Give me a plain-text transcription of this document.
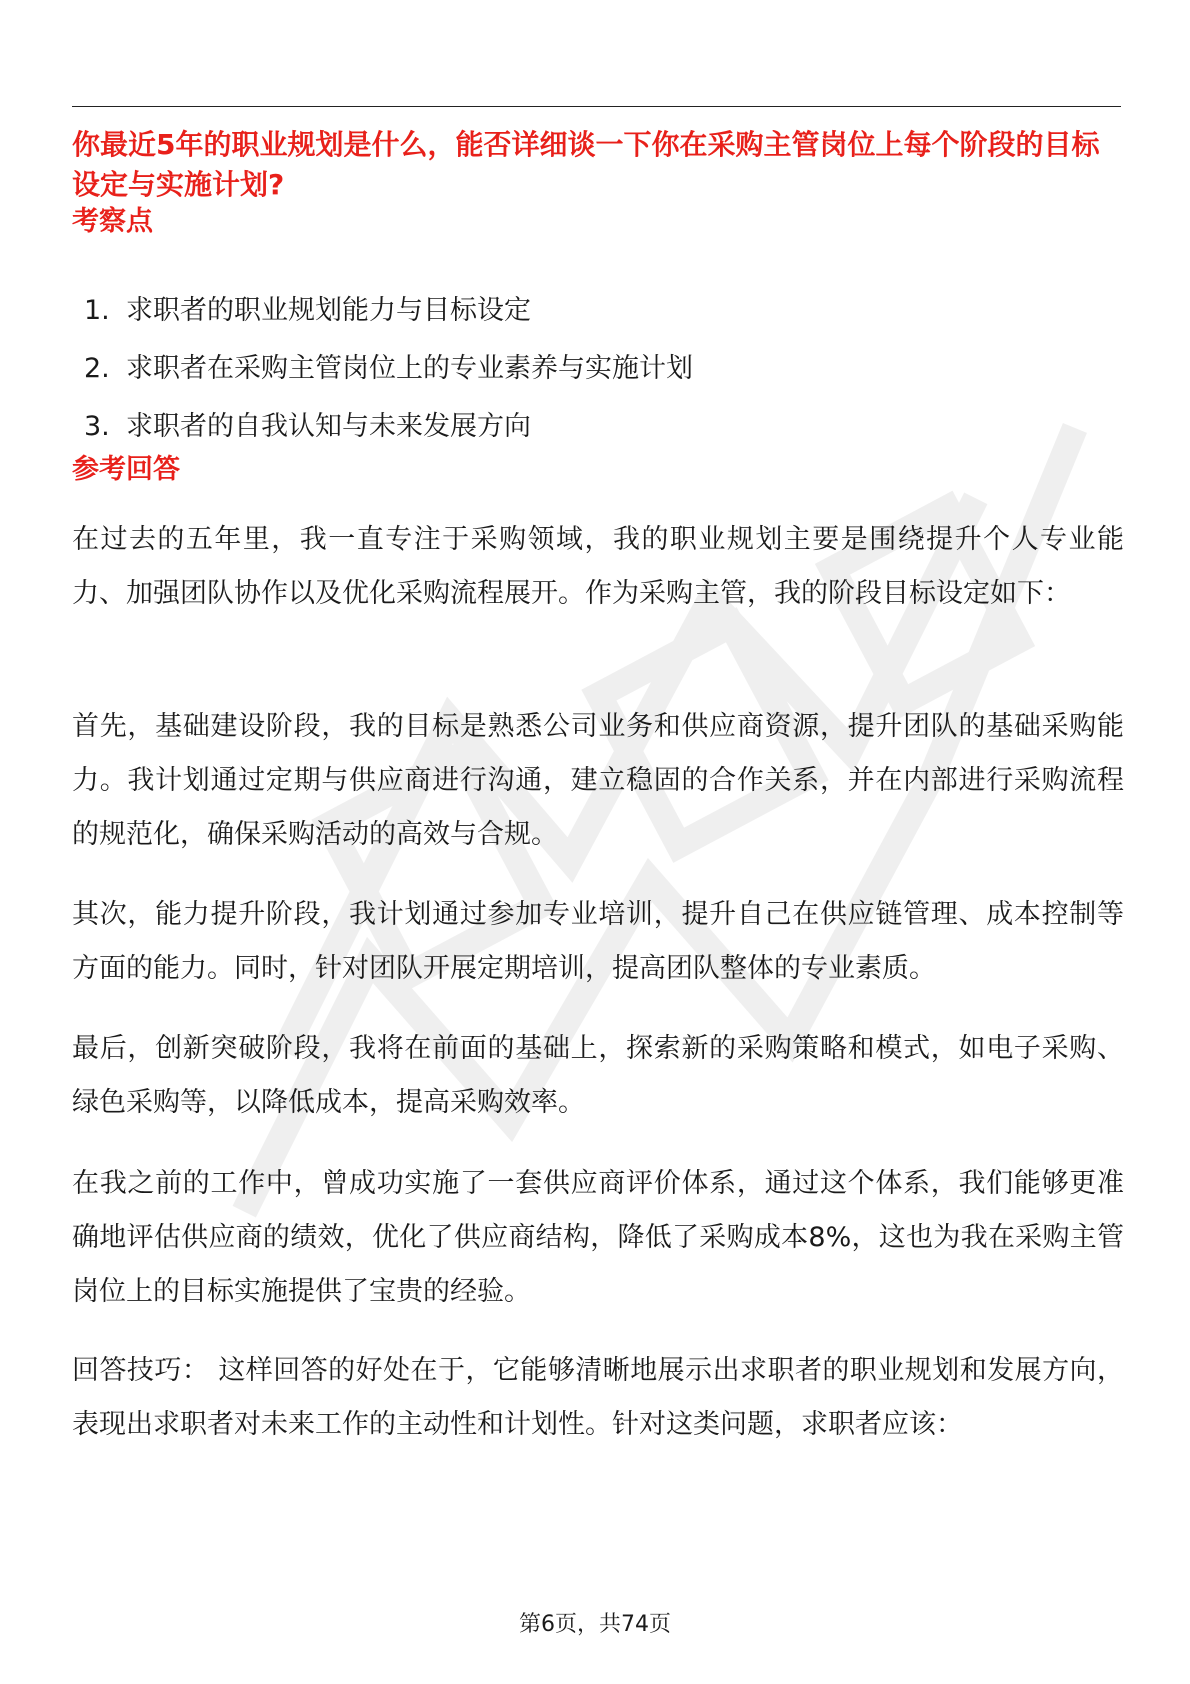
你最近5年的职业规划是什么，能否详细谈一下你在采购主管岗位上每个阶段的目标设定与实施计划?
考察点
1. 求职者的职业规划能力与目标设定
2. 求职者在采购主管岗位上的专业素养与实施计划
3. 求职者的自我认知与未来发展方向
参考回答

在过去的五年里，我一直专注于采购领域，我的职业规划主要是围绕提升个人专业能力、加强团队协作以及优化采购流程展开。作为采购主管，我的阶段目标设定如下：

首先，基础建设阶段，我的目标是熟悉公司业务和供应商资源，提升团队的基础采购能力。我计划通过定期与供应商进行沟通，建立稳固的合作关系，并在内部进行采购流程的规范化，确保采购活动的高效与合规。

其次，能力提升阶段，我计划通过参加专业培训，提升自己在供应链管理、成本控制等方面的能力。同时，针对团队开展定期培训，提高团队整体的专业素质。

最后，创新突破阶段，我将在前面的基础上，探索新的采购策略和模式，如电子采购、绿色采购等，以降低成本，提高采购效率。

在我之前的工作中，曾成功实施了一套供应商评价体系，通过这个体系，我们能够更准确地评估供应商的绩效，优化了供应商结构，降低了采购成本8%，这也为我在采购主管岗位上的目标实施提供了宝贵的经验。

回答技巧： 这样回答的好处在于，它能够清晰地展示出求职者的职业规划和发展方向，表现出求职者对未来工作的主动性和计划性。针对这类问题，求职者应该：

第6页，共74页
